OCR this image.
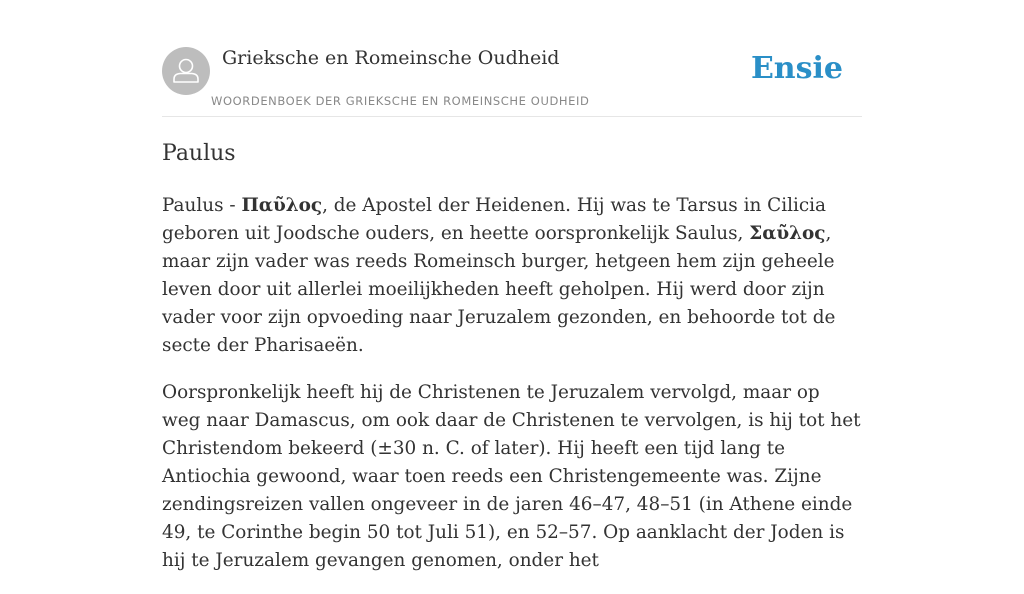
Grieksche en Romeinsche Oudheid
WOORDENBOEK DER GRIEKSCHE EN ROMEINSCHE OUDHEID
Ensie
Paulus

Paulus - Παῦλος, de Apostel der Heidenen. Hij was te Tarsus in Cilicia geboren uit Joodsche ouders, en heette oorspronkelijk Saulus, Σαῦλος, maar zijn vader was reeds Romeinsch burger, hetgeen hem zijn geheele leven door uit allerlei moeilijkheden heeft geholpen. Hij werd door zijn vader voor zijn opvoeding naar Jeruzalem gezonden, en behoorde tot de secte der Pharisaeën.

Oorspronkelijk heeft hij de Christenen te Jeruzalem vervolgd, maar op weg naar Damascus, om ook daar de Christenen te vervolgen, is hij tot het Christendom bekeerd (±30 n. C. of later). Hij heeft een tijd lang te Antiochia gewoond, waar toen reeds een Christengemeente was. Zijne zendingsreizen vallen ongeveer in de jaren 46–47, 48–51 (in Athene einde 49, te Corinthe begin 50 tot Juli 51), en 52–57. Op aanklacht der Joden is hij te Jeruzalem gevangen genomen, onder het
